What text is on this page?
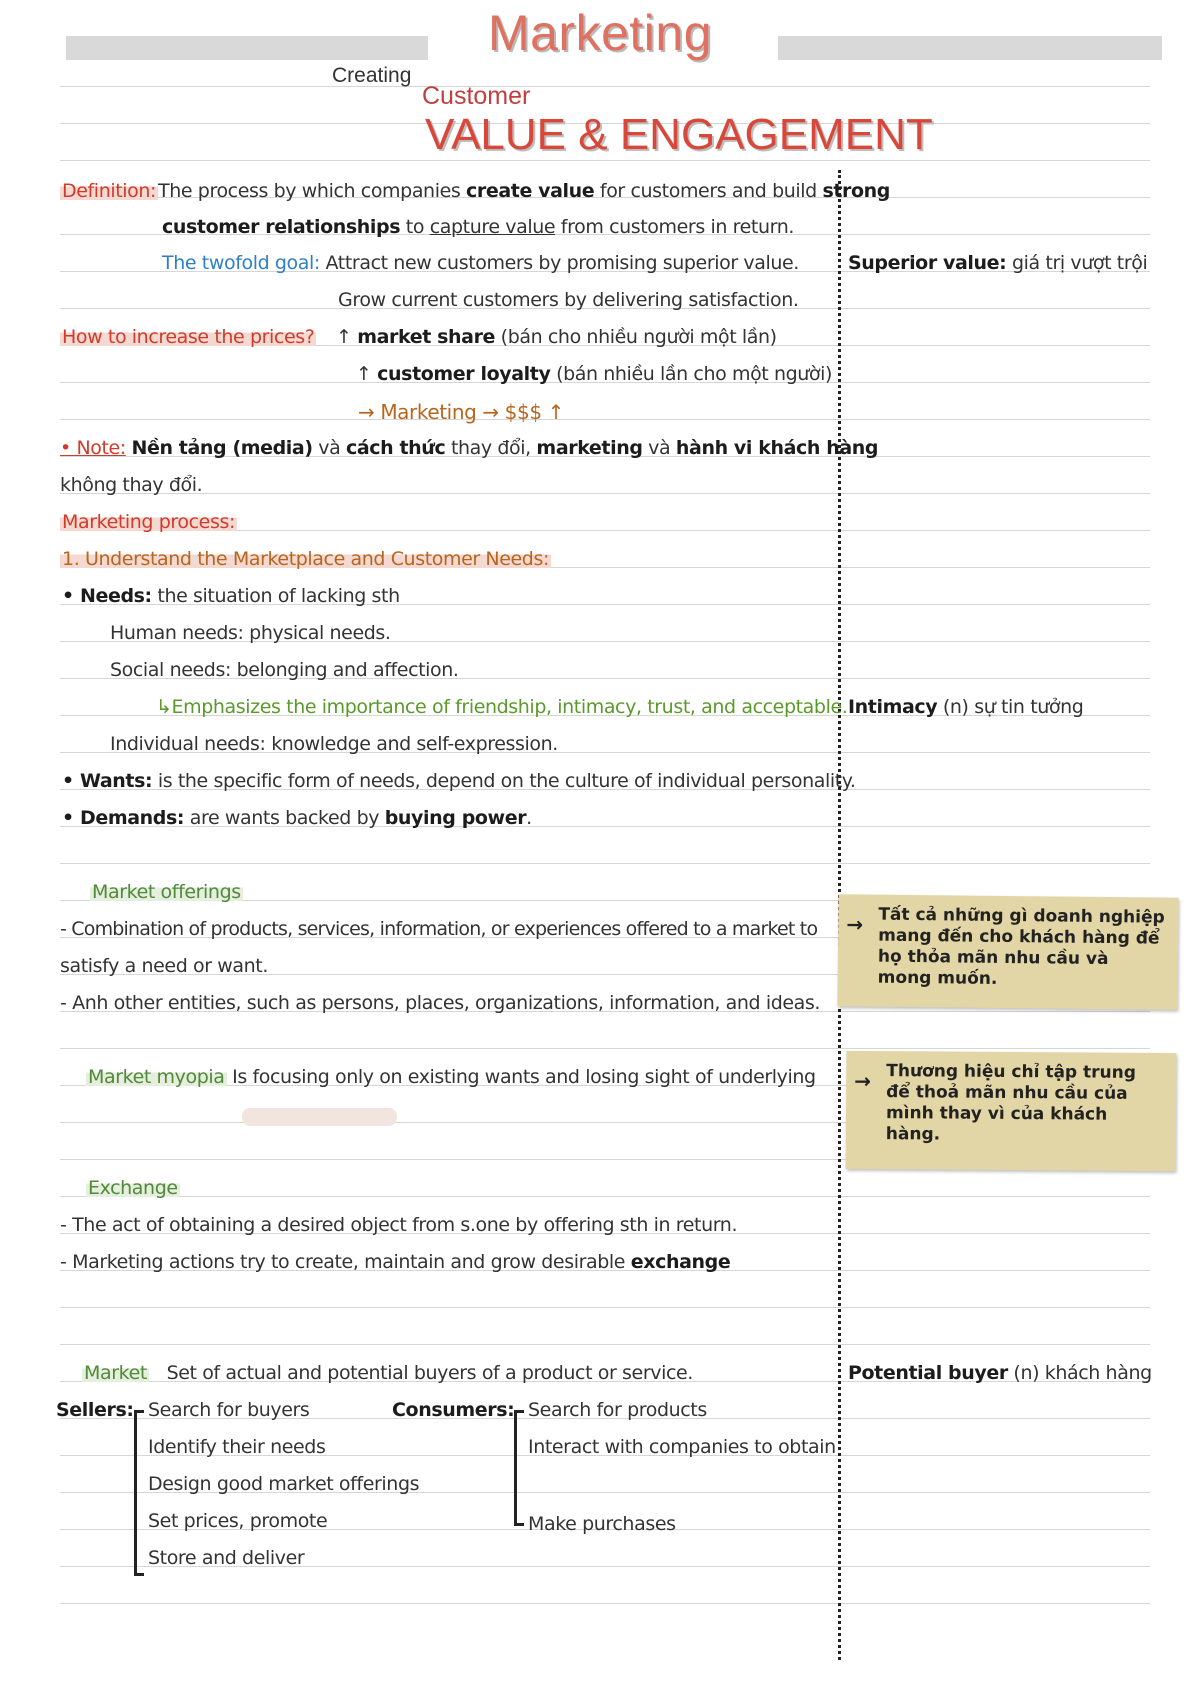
Marketing
Creating
Customer
VALUE & ENGAGEMENT
Definition: The process by which companies create value for customers and build strong
customer relationships to capture value from customers in return.
The twofold goal: Attract new customers by promising superior value.
Grow current customers by delivering satisfaction.
How to increase the prices? ↑ market share (bán cho nhiều người một lần)
↑ customer loyalty (bán nhiều lần cho một người)
→ Marketing → $$$ ↑
• Note: Nền tảng (media) và cách thức thay đổi, marketing và hành vi khách hàng
không thay đổi.
Marketing process:
1. Understand the Marketplace and Customer Needs:
• Needs: the situation of lacking sth
Human needs: physical needs.
Social needs: belonging and affection.
↳Emphasizes the importance of friendship, intimacy, trust, and acceptable.
Individual needs: knowledge and self-expression.
• Wants: is the specific form of needs, depend on the culture of individual personality.
• Demands: are wants backed by buying power.
Market offerings
- Combination of products, services, information, or experiences offered to a market to
satisfy a need or want.
- Anh other entities, such as persons, places, organizations, information, and ideas.
Market myopia Is focusing only on existing wants and losing sight of underlying
Exchange
- The act of obtaining a desired object from s.one by offering sth in return.
- Marketing actions try to create, maintain and grow desirable exchange
Market Set of actual and potential buyers of a product or service.
Sellers: Search for buyers
Identify their needs
Design good market offerings
Set prices, promote
Store and deliver
Consumers: Search for products
Interact with companies to obtain
Make purchases
Superior value: giá trị vượt trội
Intimacy (n) sự tin tưởng
Potential buyer (n) khách hàng
→ Tất cả những gì doanh nghiệp mang đến cho khách hàng để họ thỏa mãn nhu cầu và mong muốn.
→ Thương hiệu chỉ tập trung để thoả mãn nhu cầu của mình thay vì của khách hàng.
